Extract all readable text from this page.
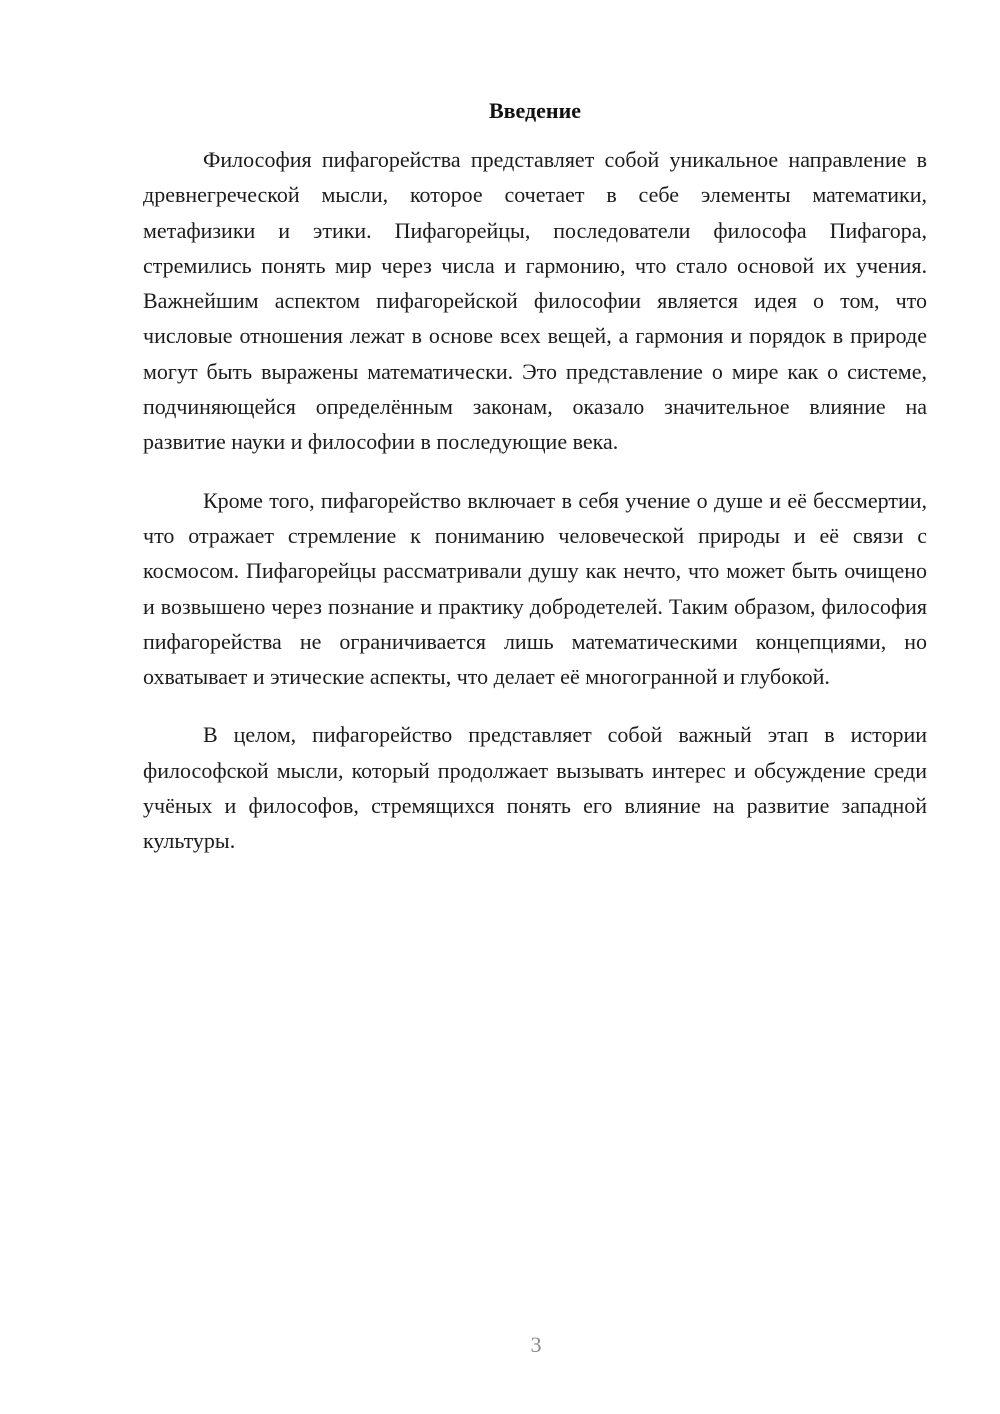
Введение

Философия пифагорейства представляет собой уникальное направление в древнегреческой мысли, которое сочетает в себе элементы математики, метафизики и этики. Пифагорейцы, последователи философа Пифагора, стремились понять мир через числа и гармонию, что стало основой их учения. Важнейшим аспектом пифагорейской философии является идея о том, что числовые отношения лежат в основе всех вещей, а гармония и порядок в природе могут быть выражены математически. Это представление о мире как о системе, подчиняющейся определённым законам, оказало значительное влияние на развитие науки и философии в последующие века.

Кроме того, пифагорейство включает в себя учение о душе и её бессмертии, что отражает стремление к пониманию человеческой природы и её связи с космосом. Пифагорейцы рассматривали душу как нечто, что может быть очищено и возвышено через познание и практику добродетелей. Таким образом, философия пифагорейства не ограничивается лишь математическими концепциями, но охватывает и этические аспекты, что делает её многогранной и глубокой.

В целом, пифагорейство представляет собой важный этап в истории философской мысли, который продолжает вызывать интерес и обсуждение среди учёных и философов, стремящихся понять его влияние на развитие западной культуры.

3
